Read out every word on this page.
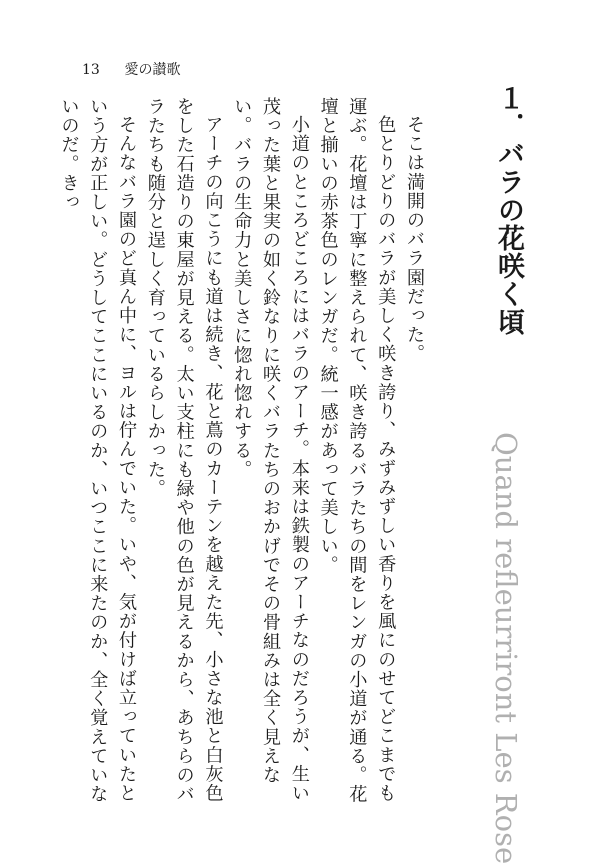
13 愛の讃歌
１．バラの花咲く頃
Quand refleurriront Les Rose

そこは満開のバラ園だった。

色とりどりのバラが美しく咲き誇り、みずみずしい香りを風にのせてどこまでも運ぶ。花壇は丁寧に整えられて、咲き誇るバラたちの間をレンガの小道が通る。花壇と揃いの赤茶色のレンガだ。統一感があって美しい。

小道のところどころにはバラのアーチ。本来は鉄製のアーチなのだろうが、生い茂った葉と果実の如く鈴なりに咲くバラたちのおかげでその骨組みは全く見えない。バラの生命力と美しさに惚れ惚れする。

アーチの向こうにも道は続き、花と蔦のカーテンを越えた先、小さな池と白灰色をした石造りの東屋が見える。太い支柱にも緑や他の色が見えるから、あちらのバラたちも随分と逞しく育っているらしかった。

そんなバラ園のど真ん中に、ヨルは佇んでいた。いや、気が付けば立っていたという方が正しい。どうしてここにいるのか、いつここに来たのか、全く覚えていないのだ。きっ
